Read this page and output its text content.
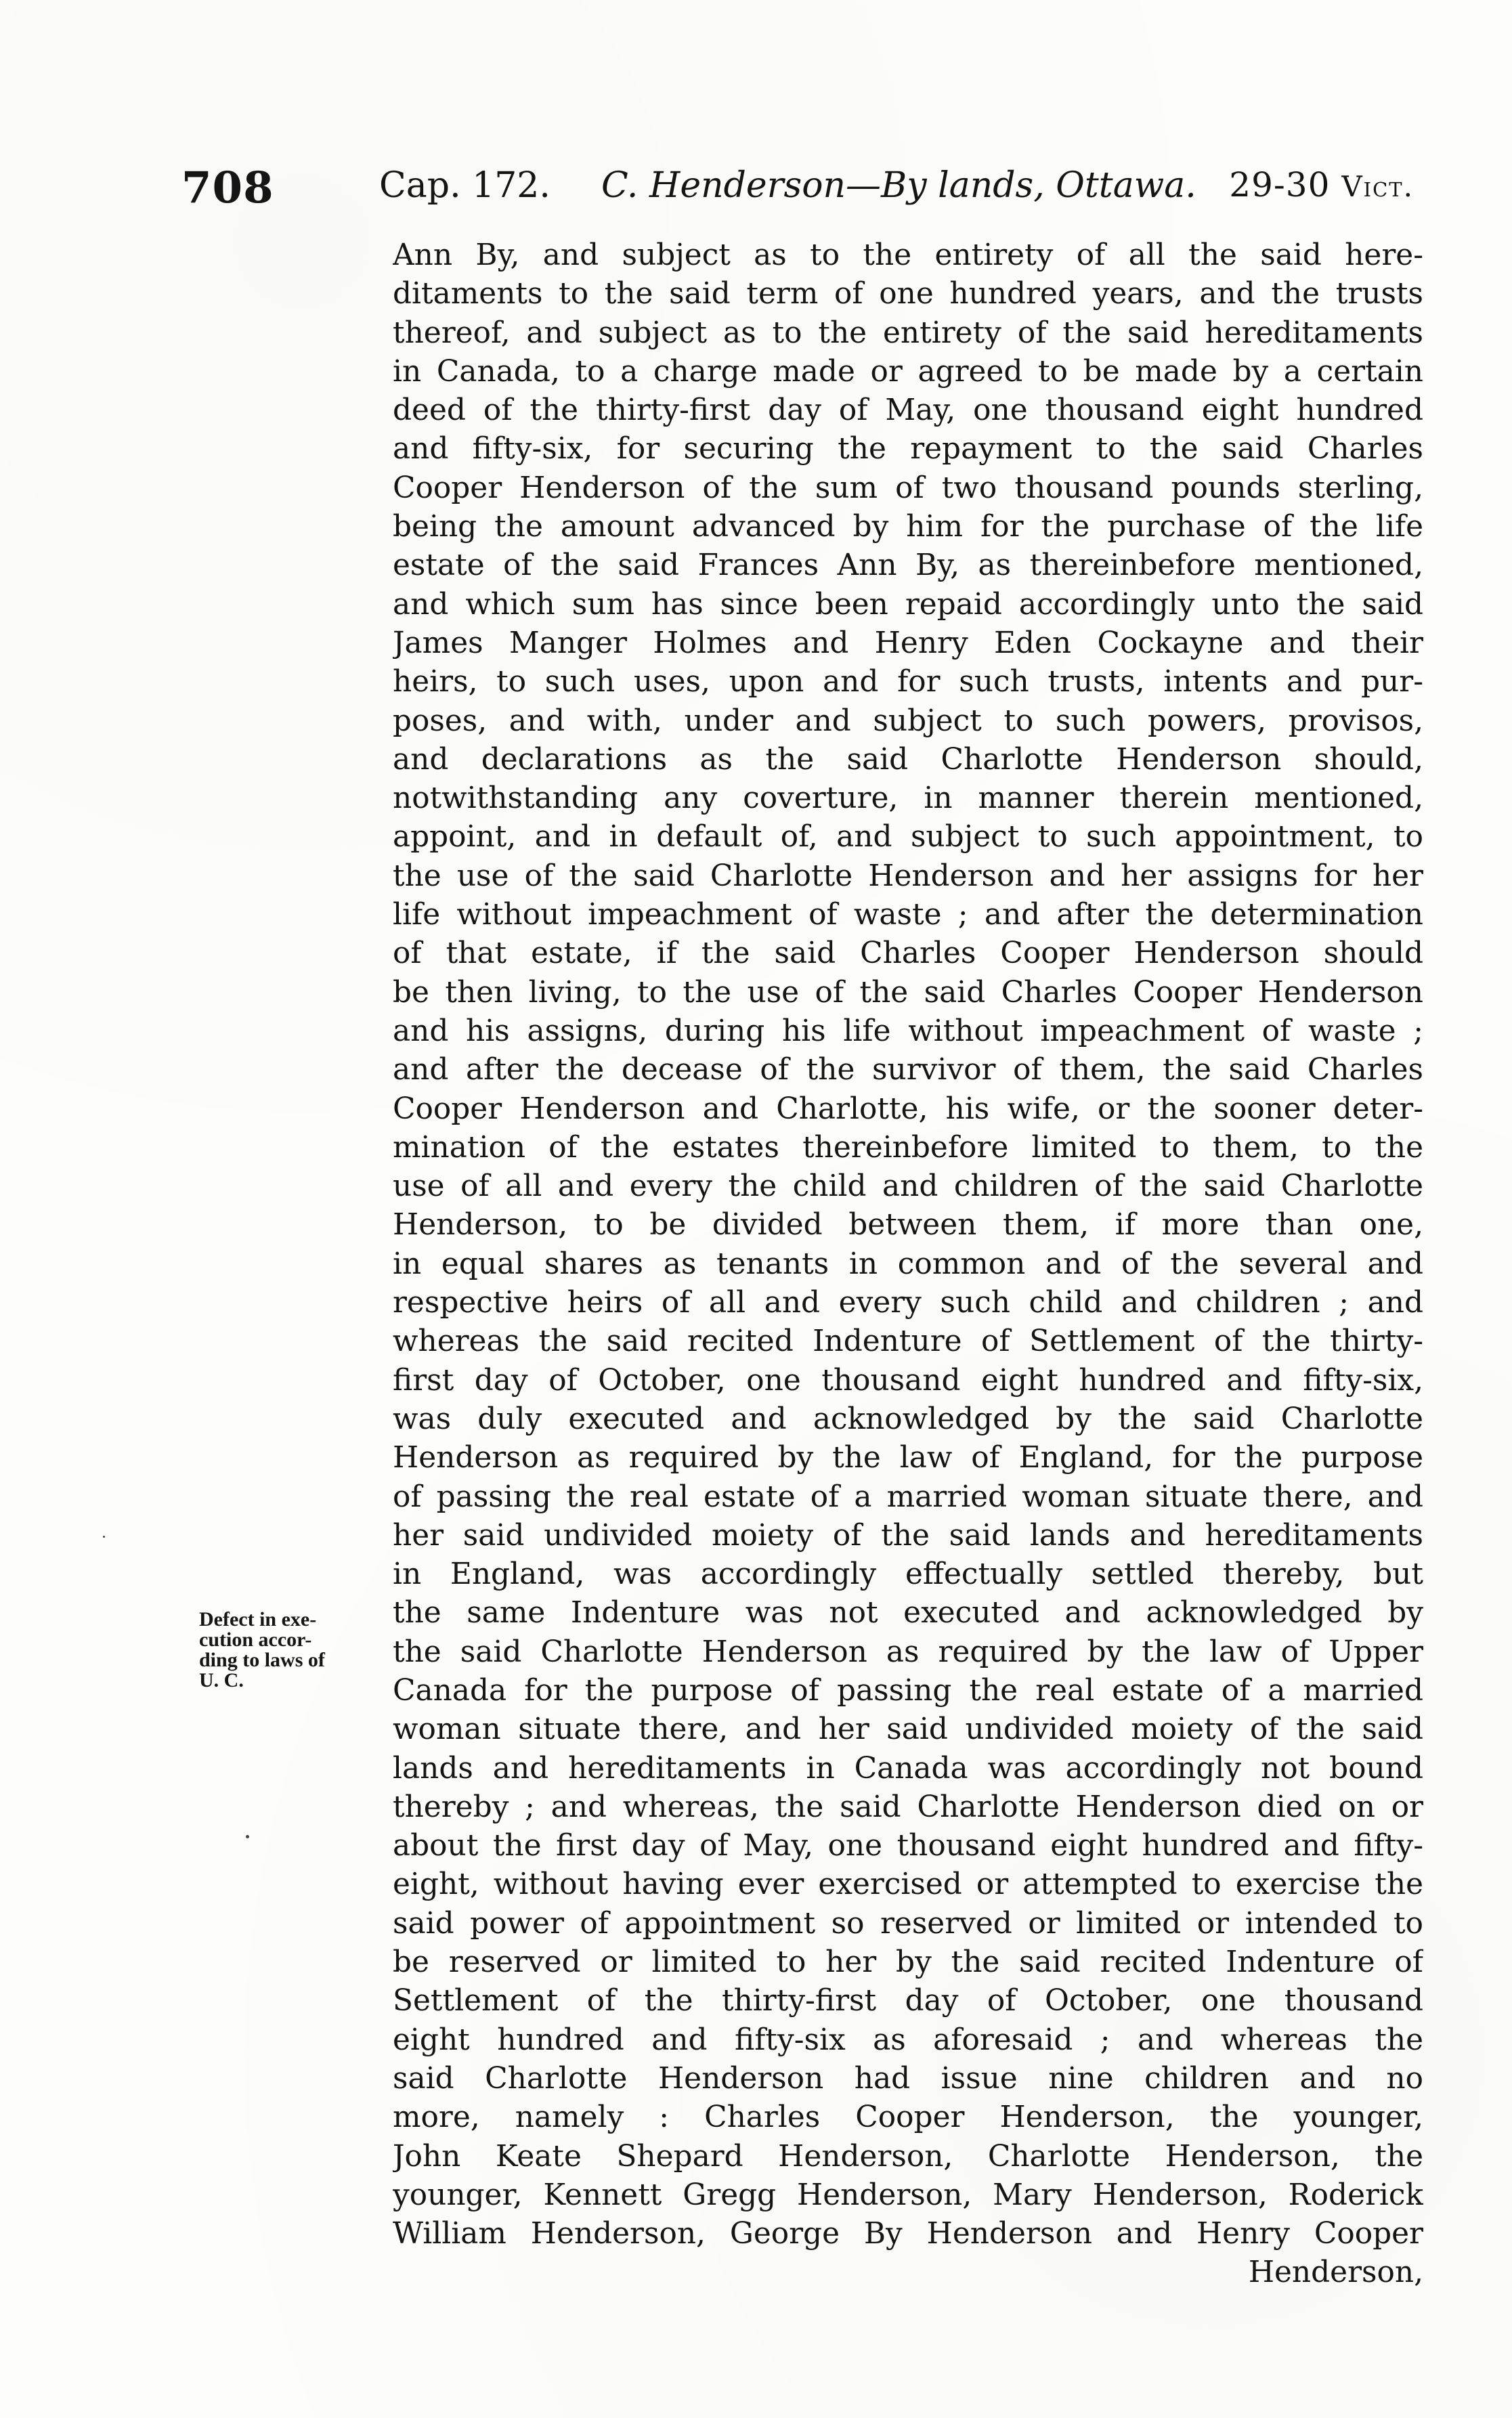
708	Cap. 172. C. Henderson—By lands, Ottawa. 29-30 Vict.
Defect in exe-
cution accor-
ding to laws of
U. C.
Ann By, and subject as to the entirety of all the said here-
ditaments to the said term of one hundred years, and the trusts
thereof, and subject as to the entirety of the said hereditaments
in Canada, to a charge made or agreed to be made by a certain
deed of the thirty-first day of May, one thousand eight hundred
and fifty-six, for securing the repayment to the said Charles
Cooper Henderson of the sum of two thousand pounds sterling,
being the amount advanced by him for the purchase of the life
estate of the said Frances Ann By, as thereinbefore mentioned,
and which sum has since been repaid accordingly unto the said
James Manger Holmes and Henry Eden Cockayne and their
heirs, to such uses, upon and for such trusts, intents and pur-
poses, and with, under and subject to such powers, provisos,
and declarations as the said Charlotte Henderson should,
notwithstanding any coverture, in manner therein mentioned,
appoint, and in default of, and subject to such appointment, to
the use of the said Charlotte Henderson and her assigns for her
life without impeachment of waste ; and after the determination
of that estate, if the said Charles Cooper Henderson should
be then living, to the use of the said Charles Cooper Henderson
and his assigns, during his life without impeachment of waste ;
and after the decease of the survivor of them, the said Charles
Cooper Henderson and Charlotte, his wife, or the sooner deter-
mination of the estates thereinbefore limited to them, to the
use of all and every the child and children of the said Charlotte
Henderson, to be divided between them, if more than one,
in equal shares as tenants in common and of the several and
respective heirs of all and every such child and children ; and
whereas the said recited Indenture of Settlement of the thirty-
first day of October, one thousand eight hundred and fifty-six,
was duly executed and acknowledged by the said Charlotte
Henderson as required by the law of England, for the purpose
of passing the real estate of a married woman situate there, and
her said undivided moiety of the said lands and hereditaments
in England, was accordingly effectually settled thereby, but
the same Indenture was not executed and acknowledged by
the said Charlotte Henderson as required by the law of Upper
Canada for the purpose of passing the real estate of a married
woman situate there, and her said undivided moiety of the said
lands and hereditaments in Canada was accordingly not bound
thereby ; and whereas, the said Charlotte Henderson died on or
about the first day of May, one thousand eight hundred and fifty-
eight, without having ever exercised or attempted to exercise the
said power of appointment so reserved or limited or intended to
be reserved or limited to her by the said recited Indenture of
Settlement of the thirty-first day of October, one thousand
eight hundred and fifty-six as aforesaid ; and whereas the
said Charlotte Henderson had issue nine children and no
more, namely : Charles Cooper Henderson, the younger,
John Keate Shepard Henderson, Charlotte Henderson, the
younger, Kennett Gregg Henderson, Mary Henderson, Roderick
William Henderson, George By Henderson and Henry Cooper
Henderson,
